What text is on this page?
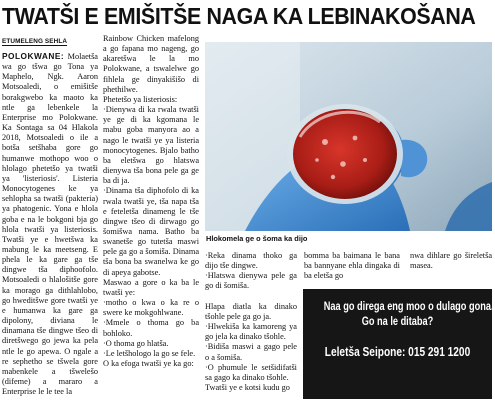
TWATŠI E EMIŠITŠE NAGA KA LEBINAKOŠANA
ETUMELENG SEHLA

POLOKWANE: Molaetša wa go tšwa go Tona ya Maphelo, Ngk. Aaron Motsoaledi, o emišitše borakgwebo ka maoto ka ntle ga lebenkele la Enterprise mo Polokwane. Ka Sontaga sa 04 Hlakola 2018, Motsoaledi o ile a botša setšhaba gore go humanwe mothopo woo o hlolago phetetšo ya twatši ya 'listeriosis'. Listeria Monocytogenes ke ya sehlopha sa twatši (pakteria) ya phatogenic. Yona e hlola goba e na le bokgoni bja go hlola twatši ya listeriosis. Twatši ye e hwetšwa ka mabung le ka meetseng. E phela le ka gare ga tše dingwe tša diphoofolo. Motsoaledi o hlalošitše gore ka morago ga dithlahlobo, go hweditšwe gore twatši ye e humanwa ka gare ga dipolony, diviana le dinamana tše dingwe tšeo di diretšwego go jewa ka pela ntle le go apewa. O ngale a re sephetho se tšwela gore mabenkele a tšwelešo (difeme) a mararo a Enterprise le le tee la

Rainbow Chicken mafelong a go fapana mo nageng, go akaretšwa le la mo Polokwane, a tswalelwe go fihlela ge dinyakišišo di phethilwe.

Phetetšo ya listeriosis:

·Dienywa di ka rwala twatši ye ge di ka kgomana le mabu goba manyora ao a nago le twatši ye ya listeria monocytogenes. Bjalo batho ba eletšwa go hlatswa dienywa tša bona pele ga ge ba di ja.

·Dinama tša diphofolo di ka rwala twatši ye, tša napa tša e feteletša dinameng le tše dingwe tšeo di dirwago go šomišwa nama. Batho ba swanetše go tutetša maswi pele ga go a šomiša. Dinama tša bona ba swanelwa ke go di apeya gabotse.

Maswao a gore o ka ba le twatši ye:

·motho o kwa o ka re o swere ke mokgohlwane.
·Mmele o thoma go ba bohloko.
·O thoma go hlatša.
·Le letšhologo la go se fele.

O ka efoga twatši ye ka go:

Hlokomela ge o šoma ka dijo
·Reka dinama thoko ga dijo tše dingwe.
·Hlatswa dienywa pele ga go di šomiša.

Hlapa diatla ka dinako tšohle pele ga go ja.
·Hlwekiša ka kamoreng ya go jela ka dinako tšohle.
·Bidiša maswi a gago pele o a šomiša.
·O phumule le setšidifatši sa gago ka dinako tšohle.
Twatši ye e kotsi kudu go
bomma ba baimana le bana ba bannyane ehla dingaka di ba eletša go
nwa dihlare go šireletša masea.
Naa go direga eng moo o dulago gona.
Go na le ditaba?
Leletša Seipone: 015 291 1200
